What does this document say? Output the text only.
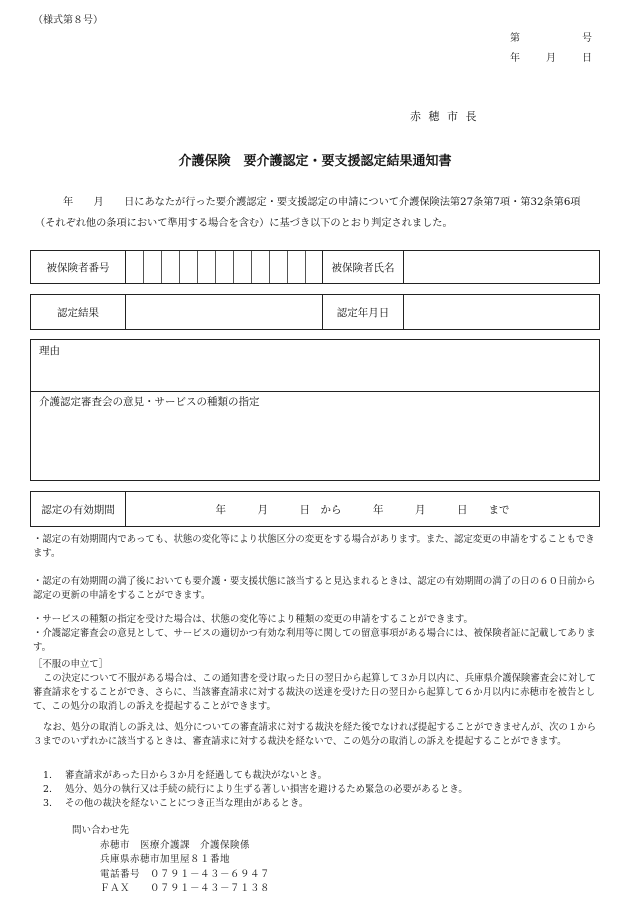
（様式第８号）
第	号
年	月	日
赤 穂 市 長
介護保険　要介護認定・要支援認定結果通知書
年　　月　　日にあなたが行った要介護認定・要支援認定の申請について介護保険法第27条第7項・第32条第6項（それぞれ他の条項において準用する場合を含む）に基づき以下のとおり判定されました。
被保険者番号	被保険者氏名
認定結果	認定年月日
理由
介護認定審査会の意見・サービスの種類の指定
認定の有効期間	年　　　月　　　日　から　　　年　　　月　　　日　　まで
・認定の有効期間内であっても、状態の変化等により状態区分の変更をする場合があります。また、認定変更の申請をすることもできます。
・認定の有効期間の満了後においても要介護・要支援状態に該当すると見込まれるときは、認定の有効期間の満了の日の６０日前から認定の更新の申請をすることができます。
・サービスの種類の指定を受けた場合は、状態の変化等により種類の変更の申請をすることができます。
・介護認定審査会の意見として、サービスの適切かつ有効な利用等に関しての留意事項がある場合には、被保険者証に記載してあります。
［不服の申立て］
この決定について不服がある場合は、この通知書を受け取った日の翌日から起算して３か月以内に、兵庫県介護保険審査会に対して審査請求をすることができ、さらに、当該審査請求に対する裁決の送達を受けた日の翌日から起算して６か月以内に赤穂市を被告として、この処分の取消しの訴えを提起することができます。
なお、処分の取消しの訴えは、処分についての審査請求に対する裁決を経た後でなければ提起することができませんが、次の１から３までのいずれかに該当するときは、審査請求に対する裁決を経ないで、この処分の取消しの訴えを提起することができます。
1.	審査請求があった日から３か月を経過しても裁決がないとき。
2.	処分、処分の執行又は手続の続行により生ずる著しい損害を避けるため緊急の必要があるとき。
3.	その他の裁決を経ないことにつき正当な理由があるとき。
問い合わせ先
赤穂市　医療介護課　介護保険係
兵庫県赤穂市加里屋８１番地
電話番号　０７９１－４３－６９４７
ＦＡＸ　　０７９１－４３－７１３８
